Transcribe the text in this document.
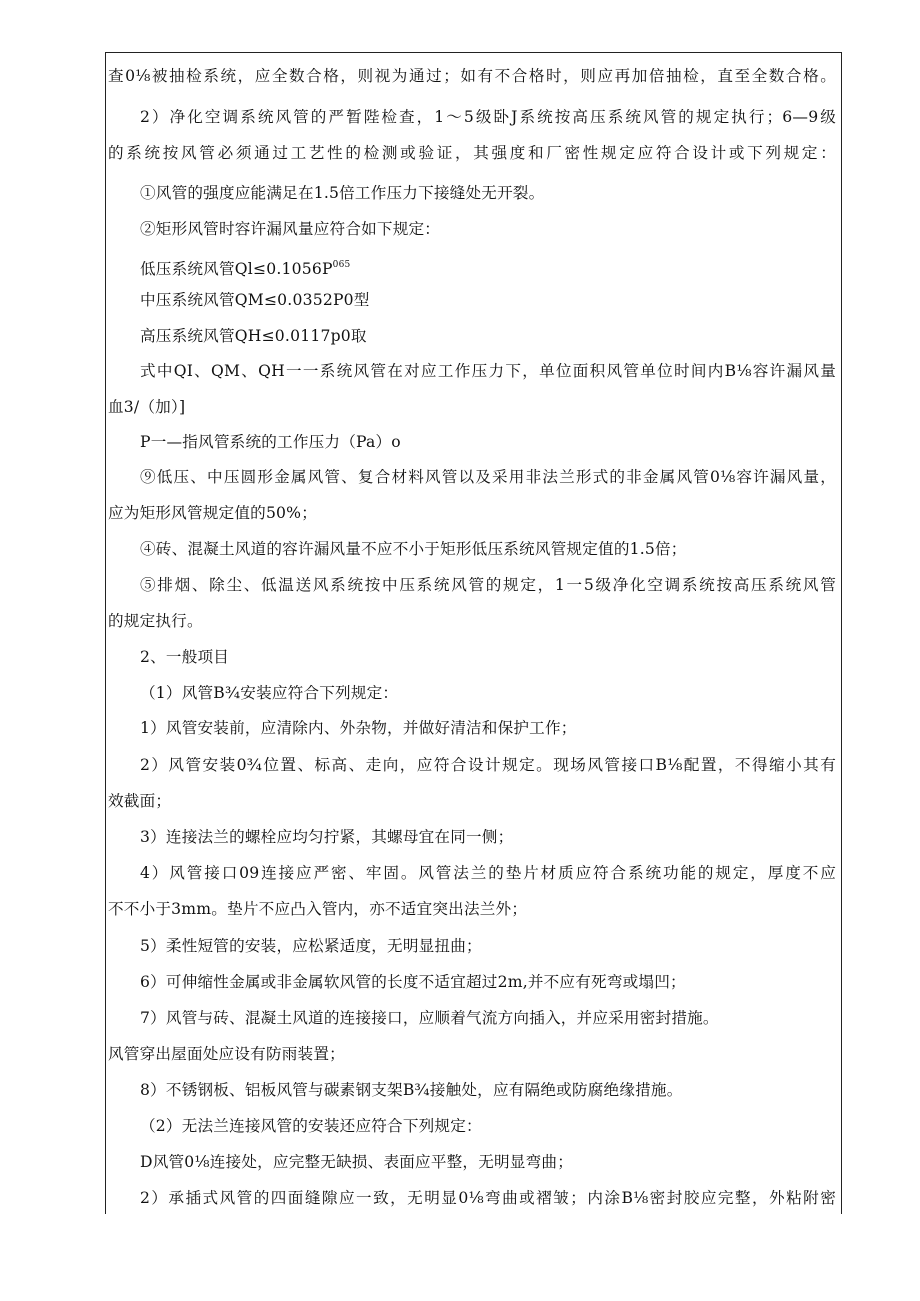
查0⅛被抽检系统，应全数合格，则视为通过；如有不合格时，则应再加倍抽检，直至全数合格。
2）净化空调系统风管的严暂陛检查，1～5级卧J系统按高压系统风管的规定执行；6—9级
的系统按风管必须通过工艺性的检测或验证，其强度和厂密性规定应符合设计或下列规定：
①风管的强度应能满足在1.5倍工作压力下接缝处无开裂。
②矩形风管时容许漏风量应符合如下规定：
低压系统风管$Ql\le 0.1056P^{065}$
中压系统风管QM≤0.0352P0型
高压系统风管QH≤0.0117p0取
式中QI、QM、QH一一系统风管在对应工作压力下，单位面积风管单位时间内B⅛容许漏风量
血3/（加）]
P一—指风管系统的工作压力（Pa）o
⑨低压、中压圆形金属风管、复合材料风管以及采用非法兰形式的非金属风管0⅛容许漏风量，
应为矩形风管规定值的50%；
④砖、混凝土风道的容许漏风量不应不小于矩形低压系统风管规定值的1.5倍；
⑤排烟、除尘、低温送风系统按中压系统风管的规定，1一5级净化空调系统按高压系统风管
的规定执行。
2、一般项目
（1）风管B¾安装应符合下列规定：
1）风管安装前，应清除内、外杂物，并做好清洁和保护工作；
2）风管安装0¾位置、标高、走向，应符合设计规定。现场风管接口B⅛配置，不得缩小其有
效截面；
3）连接法兰的螺栓应均匀拧紧，其螺母宜在同一侧；
4）风管接口09连接应严密、牢固。风管法兰的垫片材质应符合系统功能的规定，厚度不应
不不小于3mm。垫片不应凸入管内，亦不适宜突出法兰外；
5）柔性短管的安装，应松紧适度，无明显扭曲；
6）可伸缩性金属或非金属软风管的长度不适宜超过2m,并不应有死弯或塌凹；
7）风管与砖、混凝土风道的连接接口，应顺着气流方向插入，并应采用密封措施。
风管穿出屋面处应设有防雨装置；
8）不锈钢板、铝板风管与碳素钢支架B¾接触处，应有隔绝或防腐绝缘措施。
（2）无法兰连接风管的安装还应符合下列规定：
D风管0⅛连接处，应完整无缺损、表面应平整，无明显弯曲；
2）承插式风管的四面缝隙应一致，无明显0⅛弯曲或褶皱；内涂B⅛密封胶应完整，外粘附密
